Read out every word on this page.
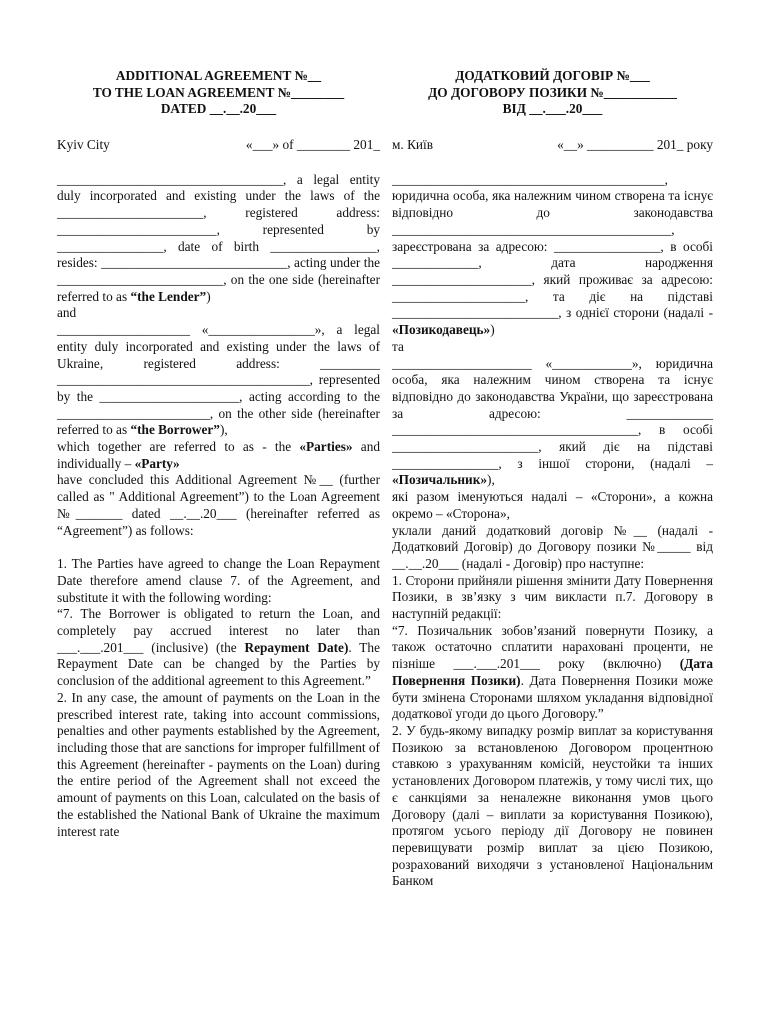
ADDITIONAL AGREEMENT №__
TO THE LOAN AGREEMENT №________
DATED __.__.20___
Kyiv City	«___» of ________ 201_

__________________________________, a legal entity duly incorporated and existing under the laws of the ______________________, registered address: ________________________, represented by ________________, date of birth ________________, resides: ____________________________, acting under the _________________________, on the one side (hereinafter referred to as “the Lender”)

and

____________________ «________________», a legal entity duly incorporated and existing under the laws of Ukraine, registered address: _________ ______________________________________, represented by the _____________________, acting according to the _______________________, on the other side (hereinafter referred to as “the Borrower”),

which together are referred to as - the «Parties» and individually – «Party»

have concluded this Additional Agreement №__ (further called as " Additional Agreement”) to the Loan Agreement №_______ dated __.__.20___ (hereinafter referred as “Agreement”) as follows:

1. The Parties have agreed to change the Loan Repayment Date therefore amend clause 7. of the Agreement, and substitute it with the following wording:

“7. The Borrower is obligated to return the Loan, and completely pay accrued interest no later than ___.___.201___ (inclusive) (the Repayment Date). The Repayment Date can be changed by the Parties by conclusion of the additional agreement to this Agreement.”

2. In any case, the amount of payments on the Loan in the prescribed interest rate, taking into account commissions, penalties and other payments established by the Agreement, including those that are sanctions for improper fulfillment of this Agreement (hereinafter - payments on the Loan) during the entire period of the Agreement shall not exceed the amount of payments on this Loan, calculated on the basis of the established the National Bank of Ukraine the maximum interest rate

ДОДАТКОВИЙ ДОГОВІР №___
ДО ДОГОВОРУ ПОЗИКИ №___________
ВІД __.___.20___
м. Київ	«__» __________ 201_ року

_________________________________________, юридична особа, яка належним чином створена та існує відповідно до законодавства __________________________________________, зареєстрована за адресою: ________________, в особі _____________, дата народження _____________________, який проживає за адресою: ____________________, та діє на підставі _________________________, з однієї сторони (надалі - «Позикодавець»)

та

_____________________ «____________», юридична особа, яка належним чином створена та існує відповідно до законодавства України, що зареєстрована за адресою: _____________ _____________________________________, в особі ______________________, який діє на підставі ________________, з іншої сторони, (надалі – «Позичальник»),

які разом іменуються надалі – «Сторони», а кожна окремо – «Сторона»,

уклали даний додатковий договір №__ (надалі - Додатковий Договір) до Договору позики №_____ від __.__.20___ (надалі - Договір) про наступне:

1. Сторони прийняли рішення змінити Дату Повернення Позики, в зв’язку з чим викласти п.7. Договору в наступній редакції:

“7. Позичальник зобов’язаний повернути Позику, а також остаточно сплатити нараховані проценти, не пізніше ___.___.201___ року (включно) (Дата Повернення Позики). Дата Повернення Позики може бути змінена Сторонами шляхом укладання відповідної додаткової угоди до цього Договору.”

2. У будь-якому випадку розмір виплат за користування Позикою за встановленою Договором процентною ставкою з урахуванням комісій, неустойки та інших установлених Договором платежів, у тому числі тих, що є санкціями за неналежне виконання умов цього Договору (далі – виплати за користування Позикою), протягом усього періоду дії Договору не повинен перевищувати розмір виплат за цією Позикою, розрахований виходячи з установленої Національним Банком
